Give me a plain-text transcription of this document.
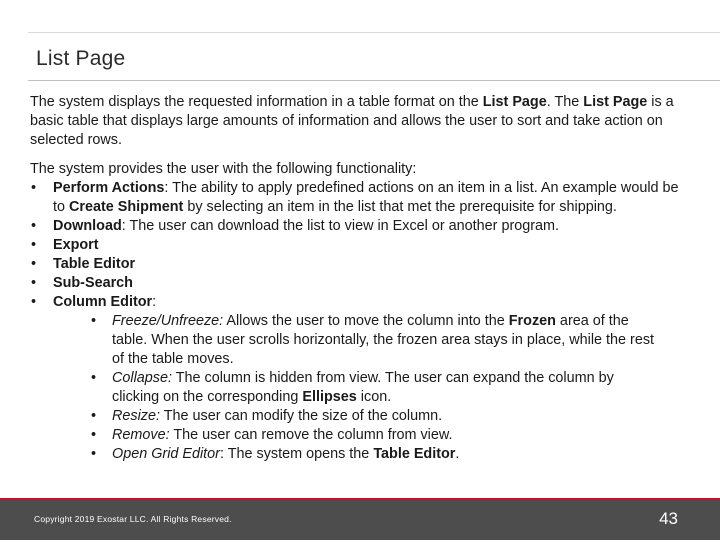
List Page

The system displays the requested information in a table format on the List Page. The List Page is a basic table that displays large amounts of information and allows the user to sort and take action on selected rows.

The system provides the user with the following functionality:

• Perform Actions: The ability to apply predefined actions on an item in a list. An example would be to Create Shipment by selecting an item in the list that met the prerequisite for shipping.
• Download: The user can download the list to view in Excel or another program.
• Export
• Table Editor
• Sub-Search
• Column Editor:
• Freeze/Unfreeze: Allows the user to move the column into the Frozen area of the table. When the user scrolls horizontally, the frozen area stays in place, while the rest of the table moves.
• Collapse: The column is hidden from view. The user can expand the column by clicking on the corresponding Ellipses icon.
• Resize: The user can modify the size of the column.
• Remove: The user can remove the column from view.
• Open Grid Editor: The system opens the Table Editor.
Copyright 2019 Exostar LLC. All Rights Reserved.	43
